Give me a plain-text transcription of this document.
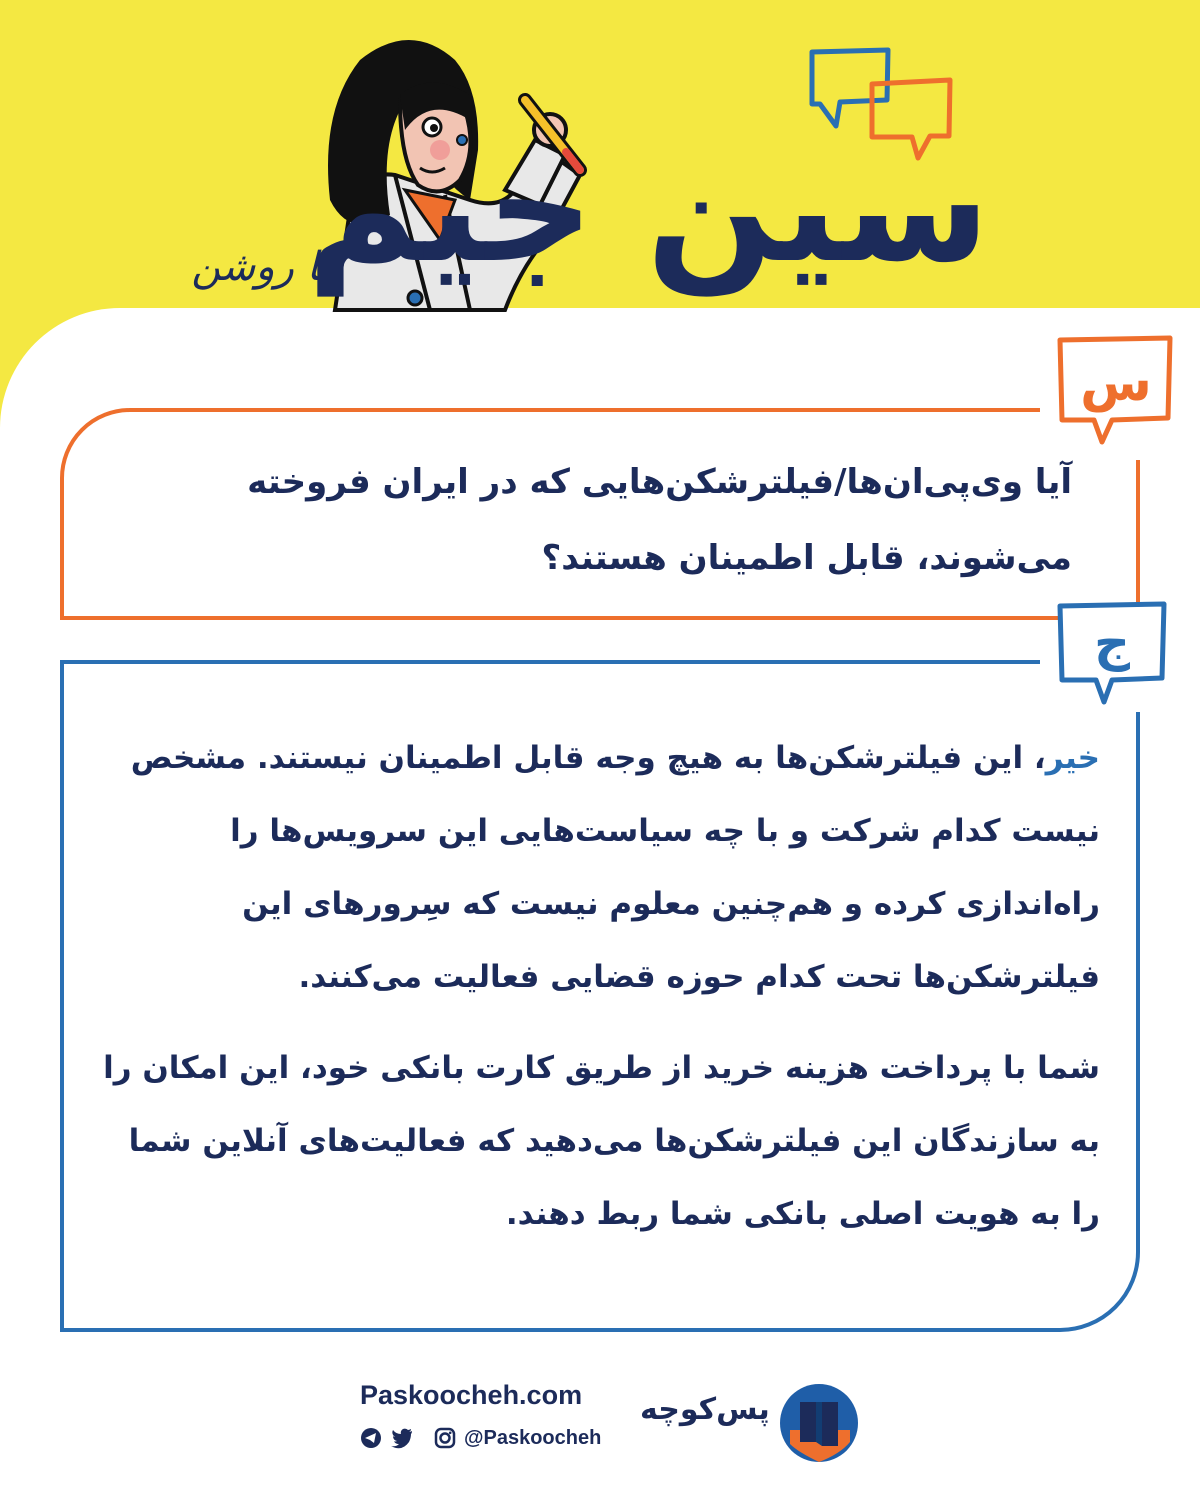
با روشن
سین جیم
س
آیا وی‌پی‌ان‌ها/فیلترشکن‌هایی که در ایران فروخته می‌شوند، قابل اطمینان هستند؟
ج

خیر، این فیلترشکن‌ها به هیچ وجه قابل اطمینان نیستند. مشخص نیست کدام شرکت و با چه سیاست‌هایی این سرویس‌ها را راه‌اندازی کرده و هم‌چنین معلوم نیست که سِرورهای این فیلترشکن‌ها تحت کدام حوزه قضایی فعالیت می‌کنند.

شما با پرداخت هزینه خرید از طریق کارت بانکی خود، این امکان را به سازندگان این فیلترشکن‌ها می‌دهید که فعالیت‌های آنلاین شما را به هویت اصلی بانکی شما ربط دهند.

Paskoocheh.com
@Paskoocheh
پس‌کوچه
